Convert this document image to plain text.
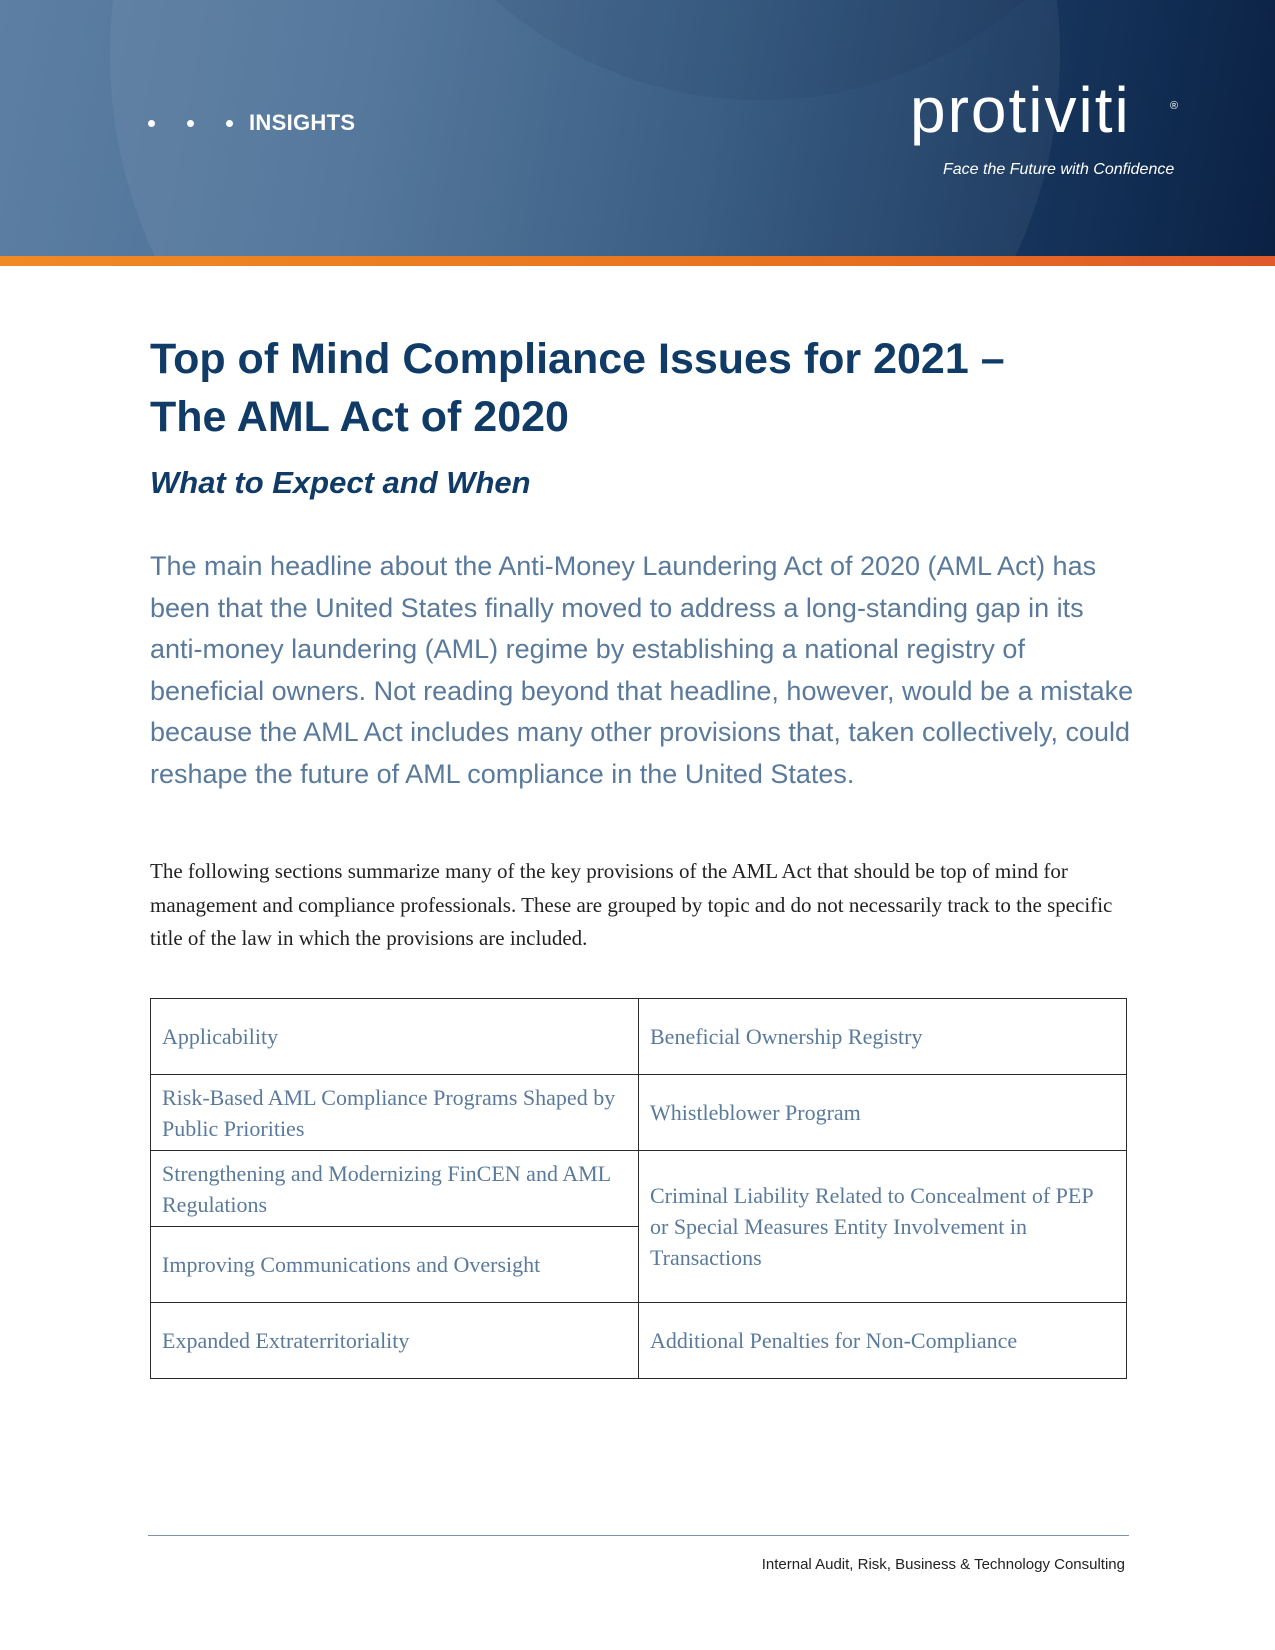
INSIGHTS	protiviti	®
Face the Future with Confidence
Top of Mind Compliance Issues for 2021 –
The AML Act of 2020
What to Expect and When

The main headline about the Anti-Money Laundering Act of 2020 (AML Act) has been that the United States finally moved to address a long-standing gap in its anti-money laundering (AML) regime by establishing a national registry of beneficial owners. Not reading beyond that headline, however, would be a mistake because the AML Act includes many other provisions that, taken collectively, could reshape the future of AML compliance in the United States.

The following sections summarize many of the key provisions of the AML Act that should be top of mind for management and compliance professionals. These are grouped by topic and do not necessarily track to the specific title of the law in which the provisions are included.

Applicability	Beneficial Ownership Registry
Risk-Based AML Compliance Programs Shaped by Public Priorities	Whistleblower Program
Strengthening and Modernizing FinCEN and AML Regulations	Criminal Liability Related to Concealment of PEP or Special Measures Entity Involvement in Transactions
Improving Communications and Oversight	
Expanded Extraterritoriality	Additional Penalties for Non-Compliance
Internal Audit, Risk, Business & Technology Consulting
